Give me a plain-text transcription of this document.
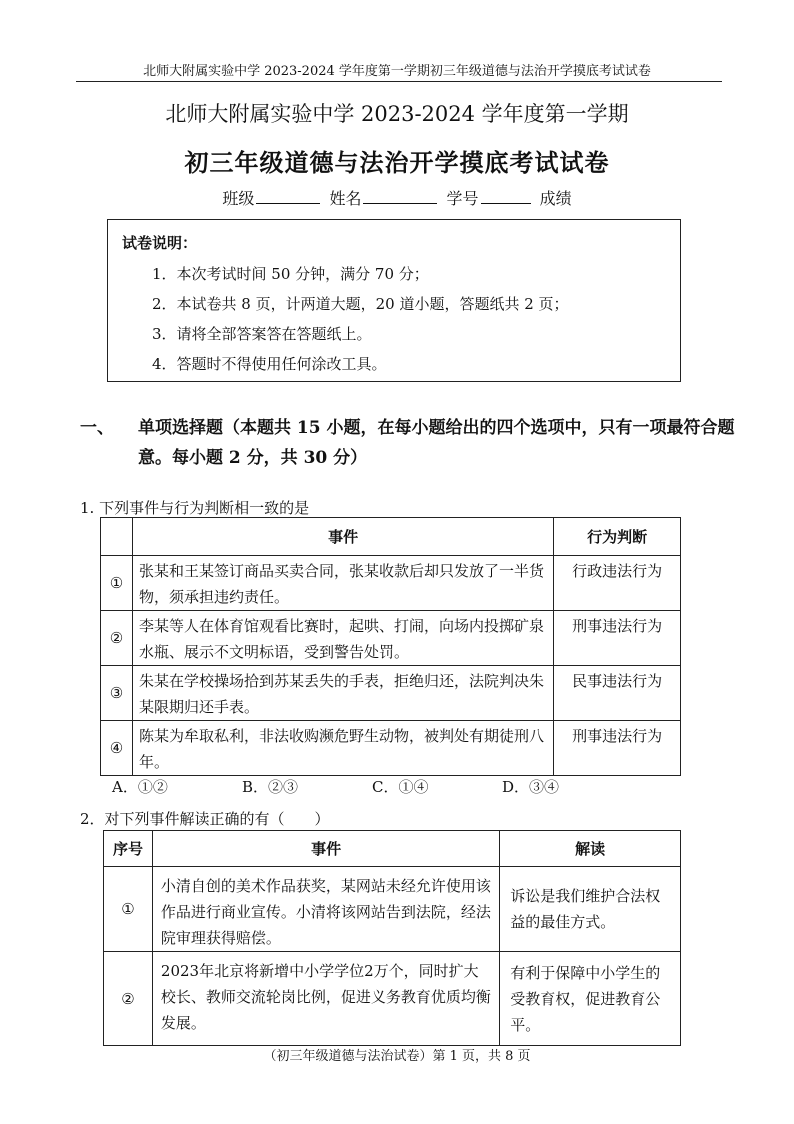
北师大附属实验中学 2023-2024 学年度第一学期初三年级道德与法治开学摸底考试试卷
北师大附属实验中学 2023-2024 学年度第一学期
初三年级道德与法治开学摸底考试试卷
班级	姓名	学号	成绩
试卷说明：
1．本次考试时间 50 分钟，满分 70 分；
2．本试卷共 8 页，计两道大题，20 道小题，答题纸共 2 页；
3．请将全部答案答在答题纸上。
4．答题时不得使用任何涂改工具。
一、 单项选择题（本题共 15 小题，在每小题给出的四个选项中，只有一项最符合题意。每小题 2 分，共 30 分）
1. 下列事件与行为判断相一致的是
	事件	行为判断
①	张某和王某签订商品买卖合同，张某收款后却只发放了一半货物，须承担违约责任。	行政违法行为
②	李某等人在体育馆观看比赛时，起哄、打闹，向场内投掷矿泉水瓶、展示不文明标语，受到警告处罚。	刑事违法行为
③	朱某在学校操场拾到苏某丢失的手表，拒绝归还，法院判决朱某限期归还手表。	民事违法行为
④	陈某为牟取私利，非法收购濒危野生动物，被判处有期徒刑八年。	刑事违法行为
A．①②	B．②③	C．①④	D．③④
2．对下列事件解读正确的有（　　）
序号	事件	解读
①	小清自创的美术作品获奖，某网站未经允许使用该作品进行商业宣传。小清将该网站告到法院，经法院审理获得赔偿。	诉讼是我们维护合法权益的最佳方式。
②	2023年北京将新增中小学学位2万个，同时扩大校长、教师交流轮岗比例，促进义务教育优质均衡发展。	有利于保障中小学生的受教育权，促进教育公平。
（初三年级道德与法治试卷）第 1 页，共 8 页
